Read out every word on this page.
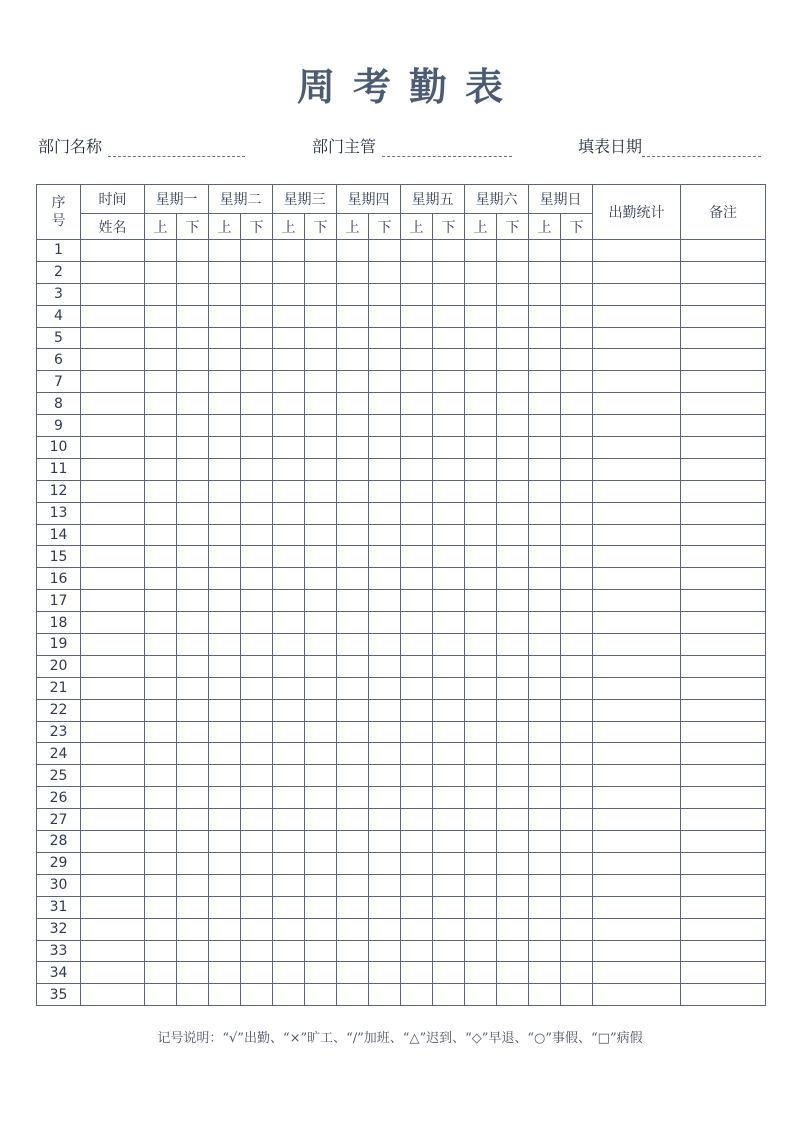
周考勤表
部门名称	部门主管	填表日期
序号	时间	星期一		星期二		星期三		星期四		星期五		星期六		星期日		出勤统计	备注
	姓名	上	下	上	下	上	下	上	下	上	下	上	下	上	下		
1																	
2																	
3																	
4																	
5																	
6																	
7																	
8																	
9																	
10																	
11																	
12																	
13																	
14																	
15																	
16																	
17																	
18																	
19																	
20																	
21																	
22																	
23																	
24																	
25																	
26																	
27																	
28																	
29																	
30																	
31																	
32																	
33																	
34																	
35																	
记号说明：“√”出勤、“×”旷工、“/”加班、“△”迟到、“◇”早退、“○”事假、“□”病假
